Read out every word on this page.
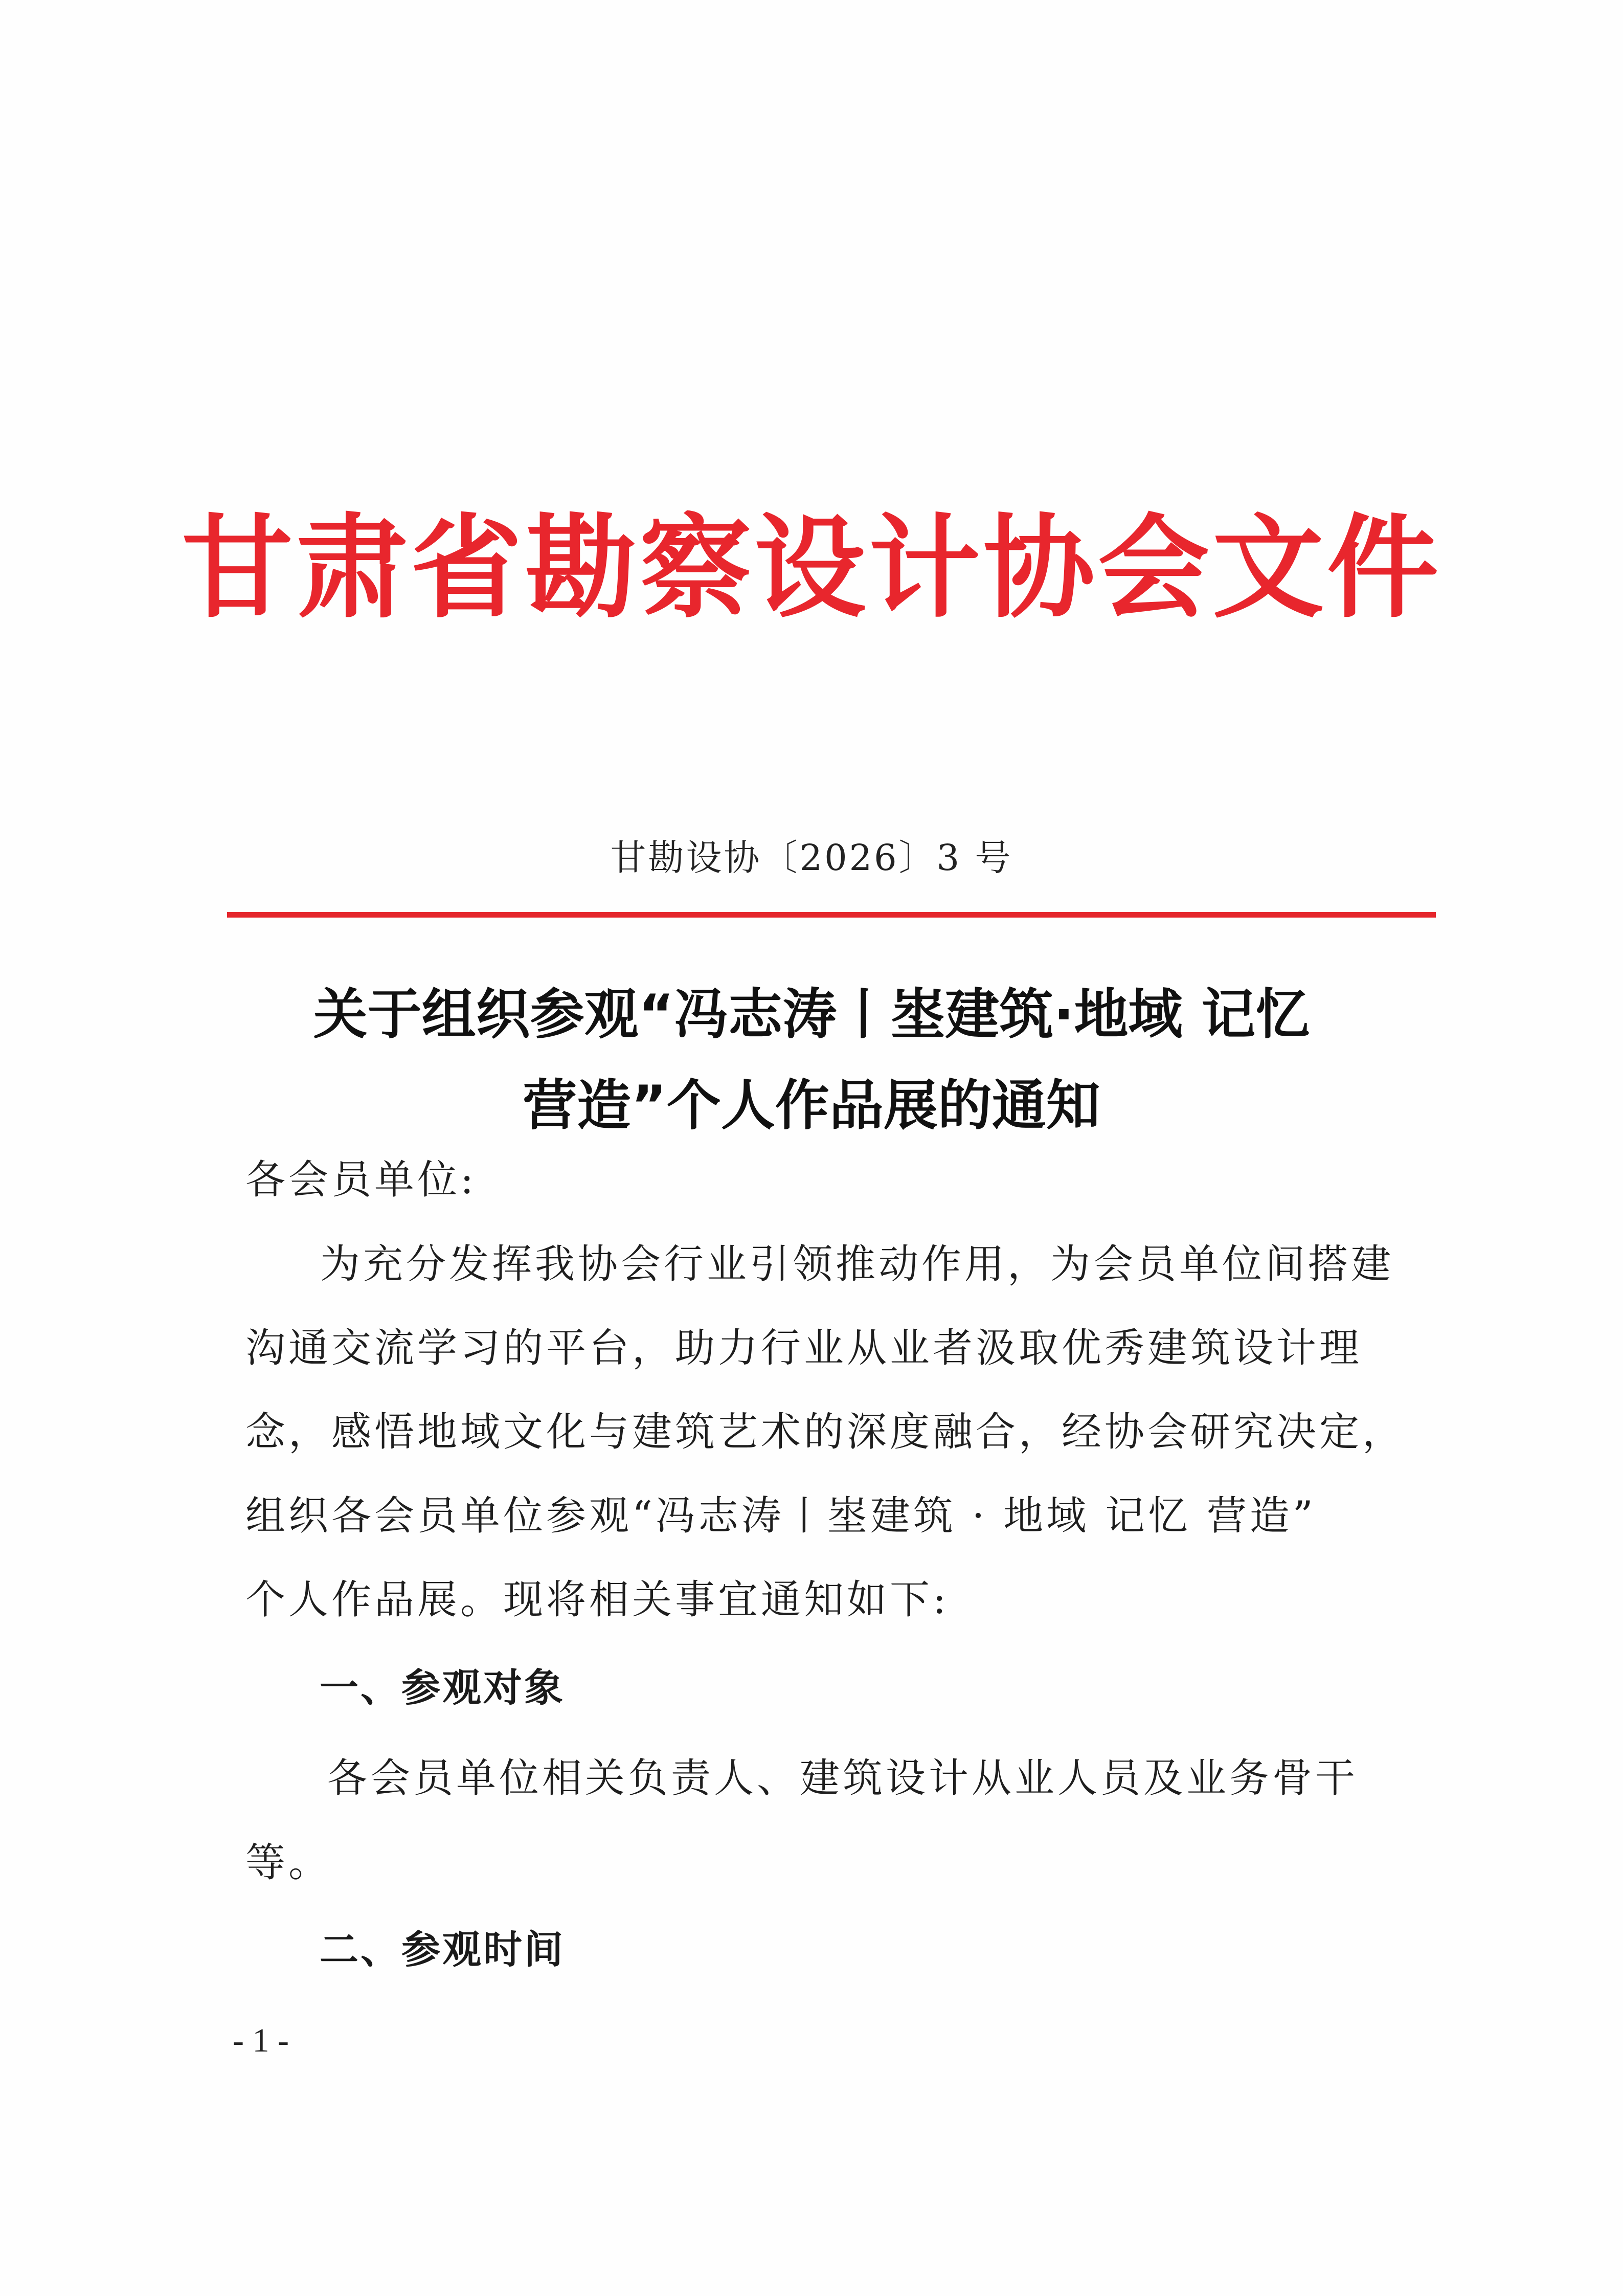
甘肃省勘察设计协会文件
甘勘设协〔2026〕3 号
关于组织参观“冯志涛丨埊建筑·地域 记忆
营造”个人作品展的通知
各会员单位:
为充分发挥我协会行业引领推动作用，为会员单位间搭建
沟通交流学习的平台，助力行业从业者汲取优秀建筑设计理
念，感悟地域文化与建筑艺术的深度融合，经协会研究决定，
组织各会员单位参观“冯志涛丨埊建筑 · 地域 记忆 营造”
个人作品展。现将相关事宜通知如下:
一、参观对象
各会员单位相关负责人、建筑设计从业人员及业务骨干
等。
二、参观时间
- 1 -
